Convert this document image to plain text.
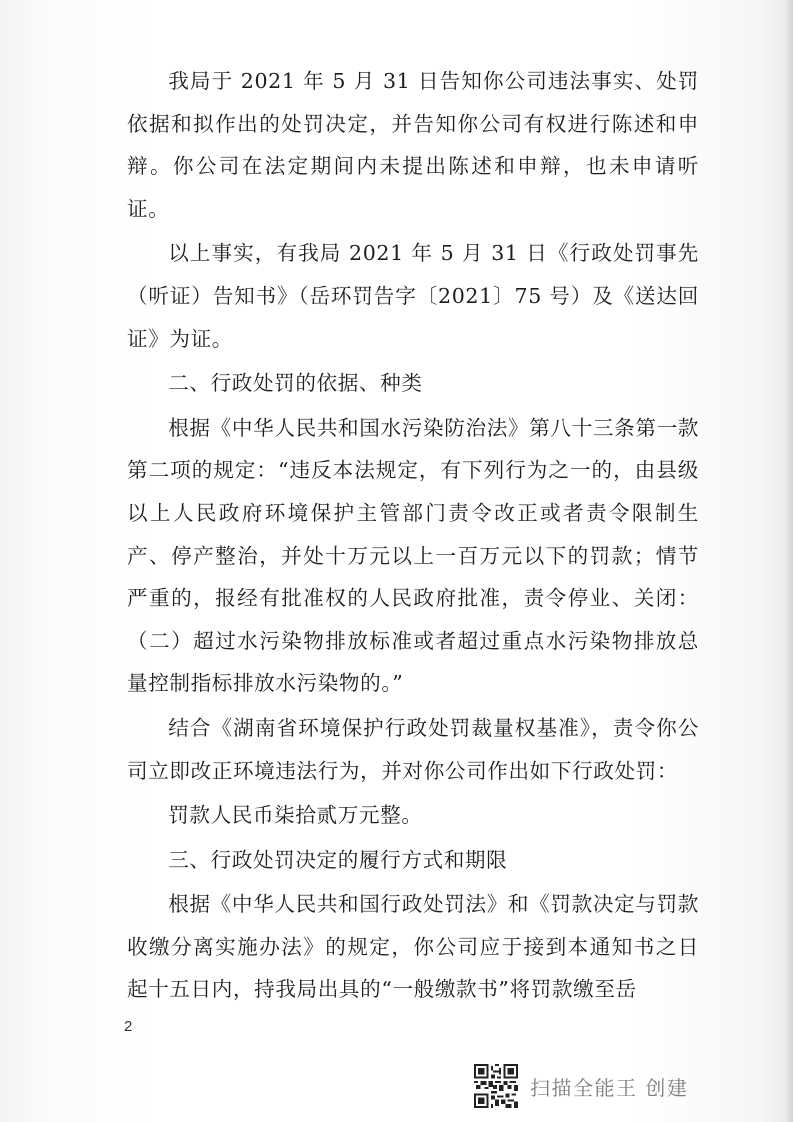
我局于 2021 年 5 月 31 日告知你公司违法事实、处罚依据和拟作出的处罚决定，并告知你公司有权进行陈述和申辩。你公司在法定期间内未提出陈述和申辩，也未申请听证。

以上事实，有我局 2021 年 5 月 31 日《行政处罚事先（听证）告知书》（岳环罚告字〔2021〕75 号）及《送达回证》为证。

二、行政处罚的依据、种类

根据《中华人民共和国水污染防治法》第八十三条第一款第二项的规定：“违反本法规定，有下列行为之一的，由县级以上人民政府环境保护主管部门责令改正或者责令限制生产、停产整治，并处十万元以上一百万元以下的罚款；情节严重的，报经有批准权的人民政府批准，责令停业、关闭：（二）超过水污染物排放标准或者超过重点水污染物排放总量控制指标排放水污染物的。”

结合《湖南省环境保护行政处罚裁量权基准》，责令你公司立即改正环境违法行为，并对你公司作出如下行政处罚：

罚款人民币柒拾贰万元整。

三、行政处罚决定的履行方式和期限

根据《中华人民共和国行政处罚法》和《罚款决定与罚款收缴分离实施办法》的规定，你公司应于接到本通知书之日起十五日内，持我局出具的“一般缴款书”将罚款缴至岳

2
扫描全能王 创建
